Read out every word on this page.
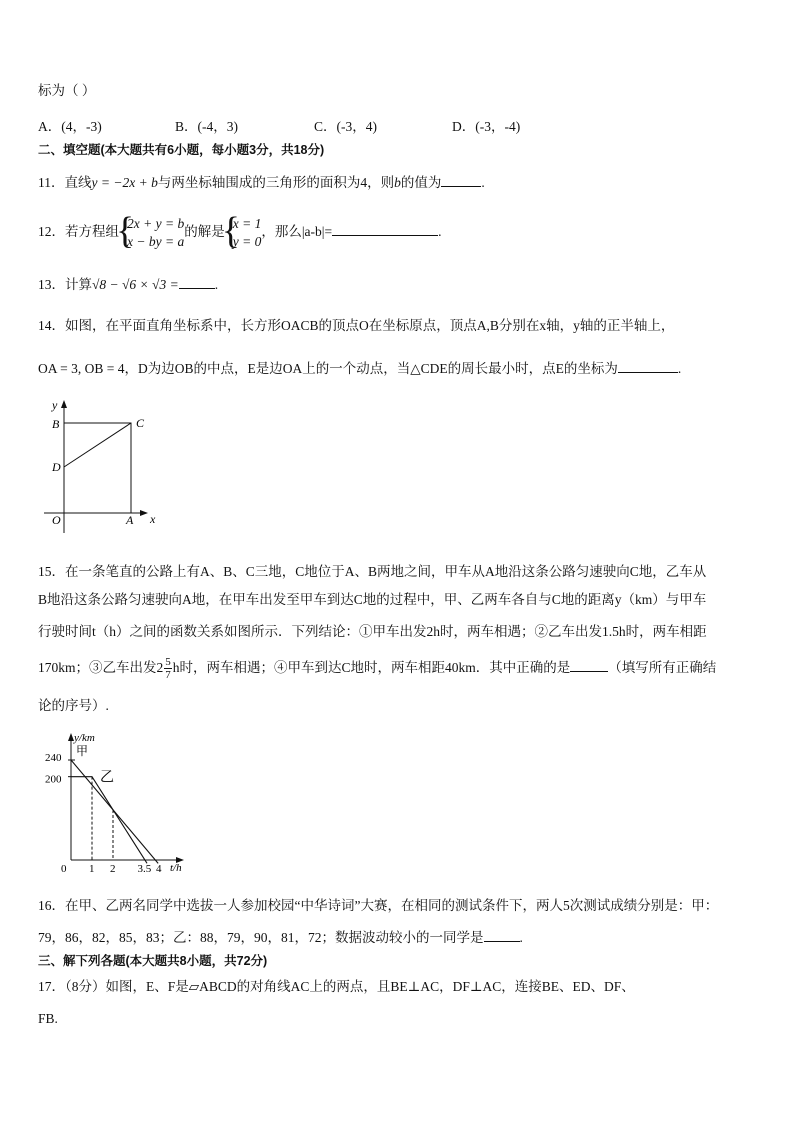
标为（ ）
A．(4，-3)	B．(-4，3)	C．(-3，4)	D．(-3，-4)
二、填空题(本大题共有6小题，每小题3分，共18分)
11．直线y = −2x + b与两坐标轴围成的三角形的面积为4，则b的值为	.
12．若方程组
{ 2x + y = b
x − by = a
的解是
{ x = 1
y = 0
，那么|a-b|=	.
13．计算√8 − √6 × √3 =	.
14．如图，在平面直角坐标系中，长方形OACB的顶点O在坐标原点，顶点A,B分别在x轴，y轴的正半轴上，
OA = 3, OB = 4，D为边OB的中点，E是边OA上的一个动点，当△CDE的周长最小时，点E的坐标为	.
y
x
B	C
D
O	A
15．在一条笔直的公路上有A、B、C三地，C地位于A、B两地之间，甲车从A地沿这条公路匀速驶向C地，乙车从
B地沿这条公路匀速驶向A地，在甲车出发至甲车到达C地的过程中，甲、乙两车各自与C地的距离y（km）与甲车
行驶时间t（h）之间的函数关系如图所示．下列结论：①甲车出发2h时，两车相遇；②乙车出发1.5h时，两车相距
170km；③乙车出发$2 \frac{5}{7}$ h时，两车相遇；④甲车到达C地时，两车相距40km．其中正确的是	（填写所有正确结
论的序号）.
y/km
t/h
240
200
0 1 2 3.5 4
甲
乙
16．在甲、乙两名同学中选拔一人参加校园“中华诗词”大赛，在相同的测试条件下，两人5次测试成绩分别是：甲：
79，86，82，85，83；乙：88，79，90，81，72；数据波动较小的一同学是	.
三、解下列各题(本大题共8小题，共72分)
17．（8分）如图，E、F是▱ABCD的对角线AC上的两点，且BE⊥AC，DF⊥AC，连接BE、ED、DF、
FB.
